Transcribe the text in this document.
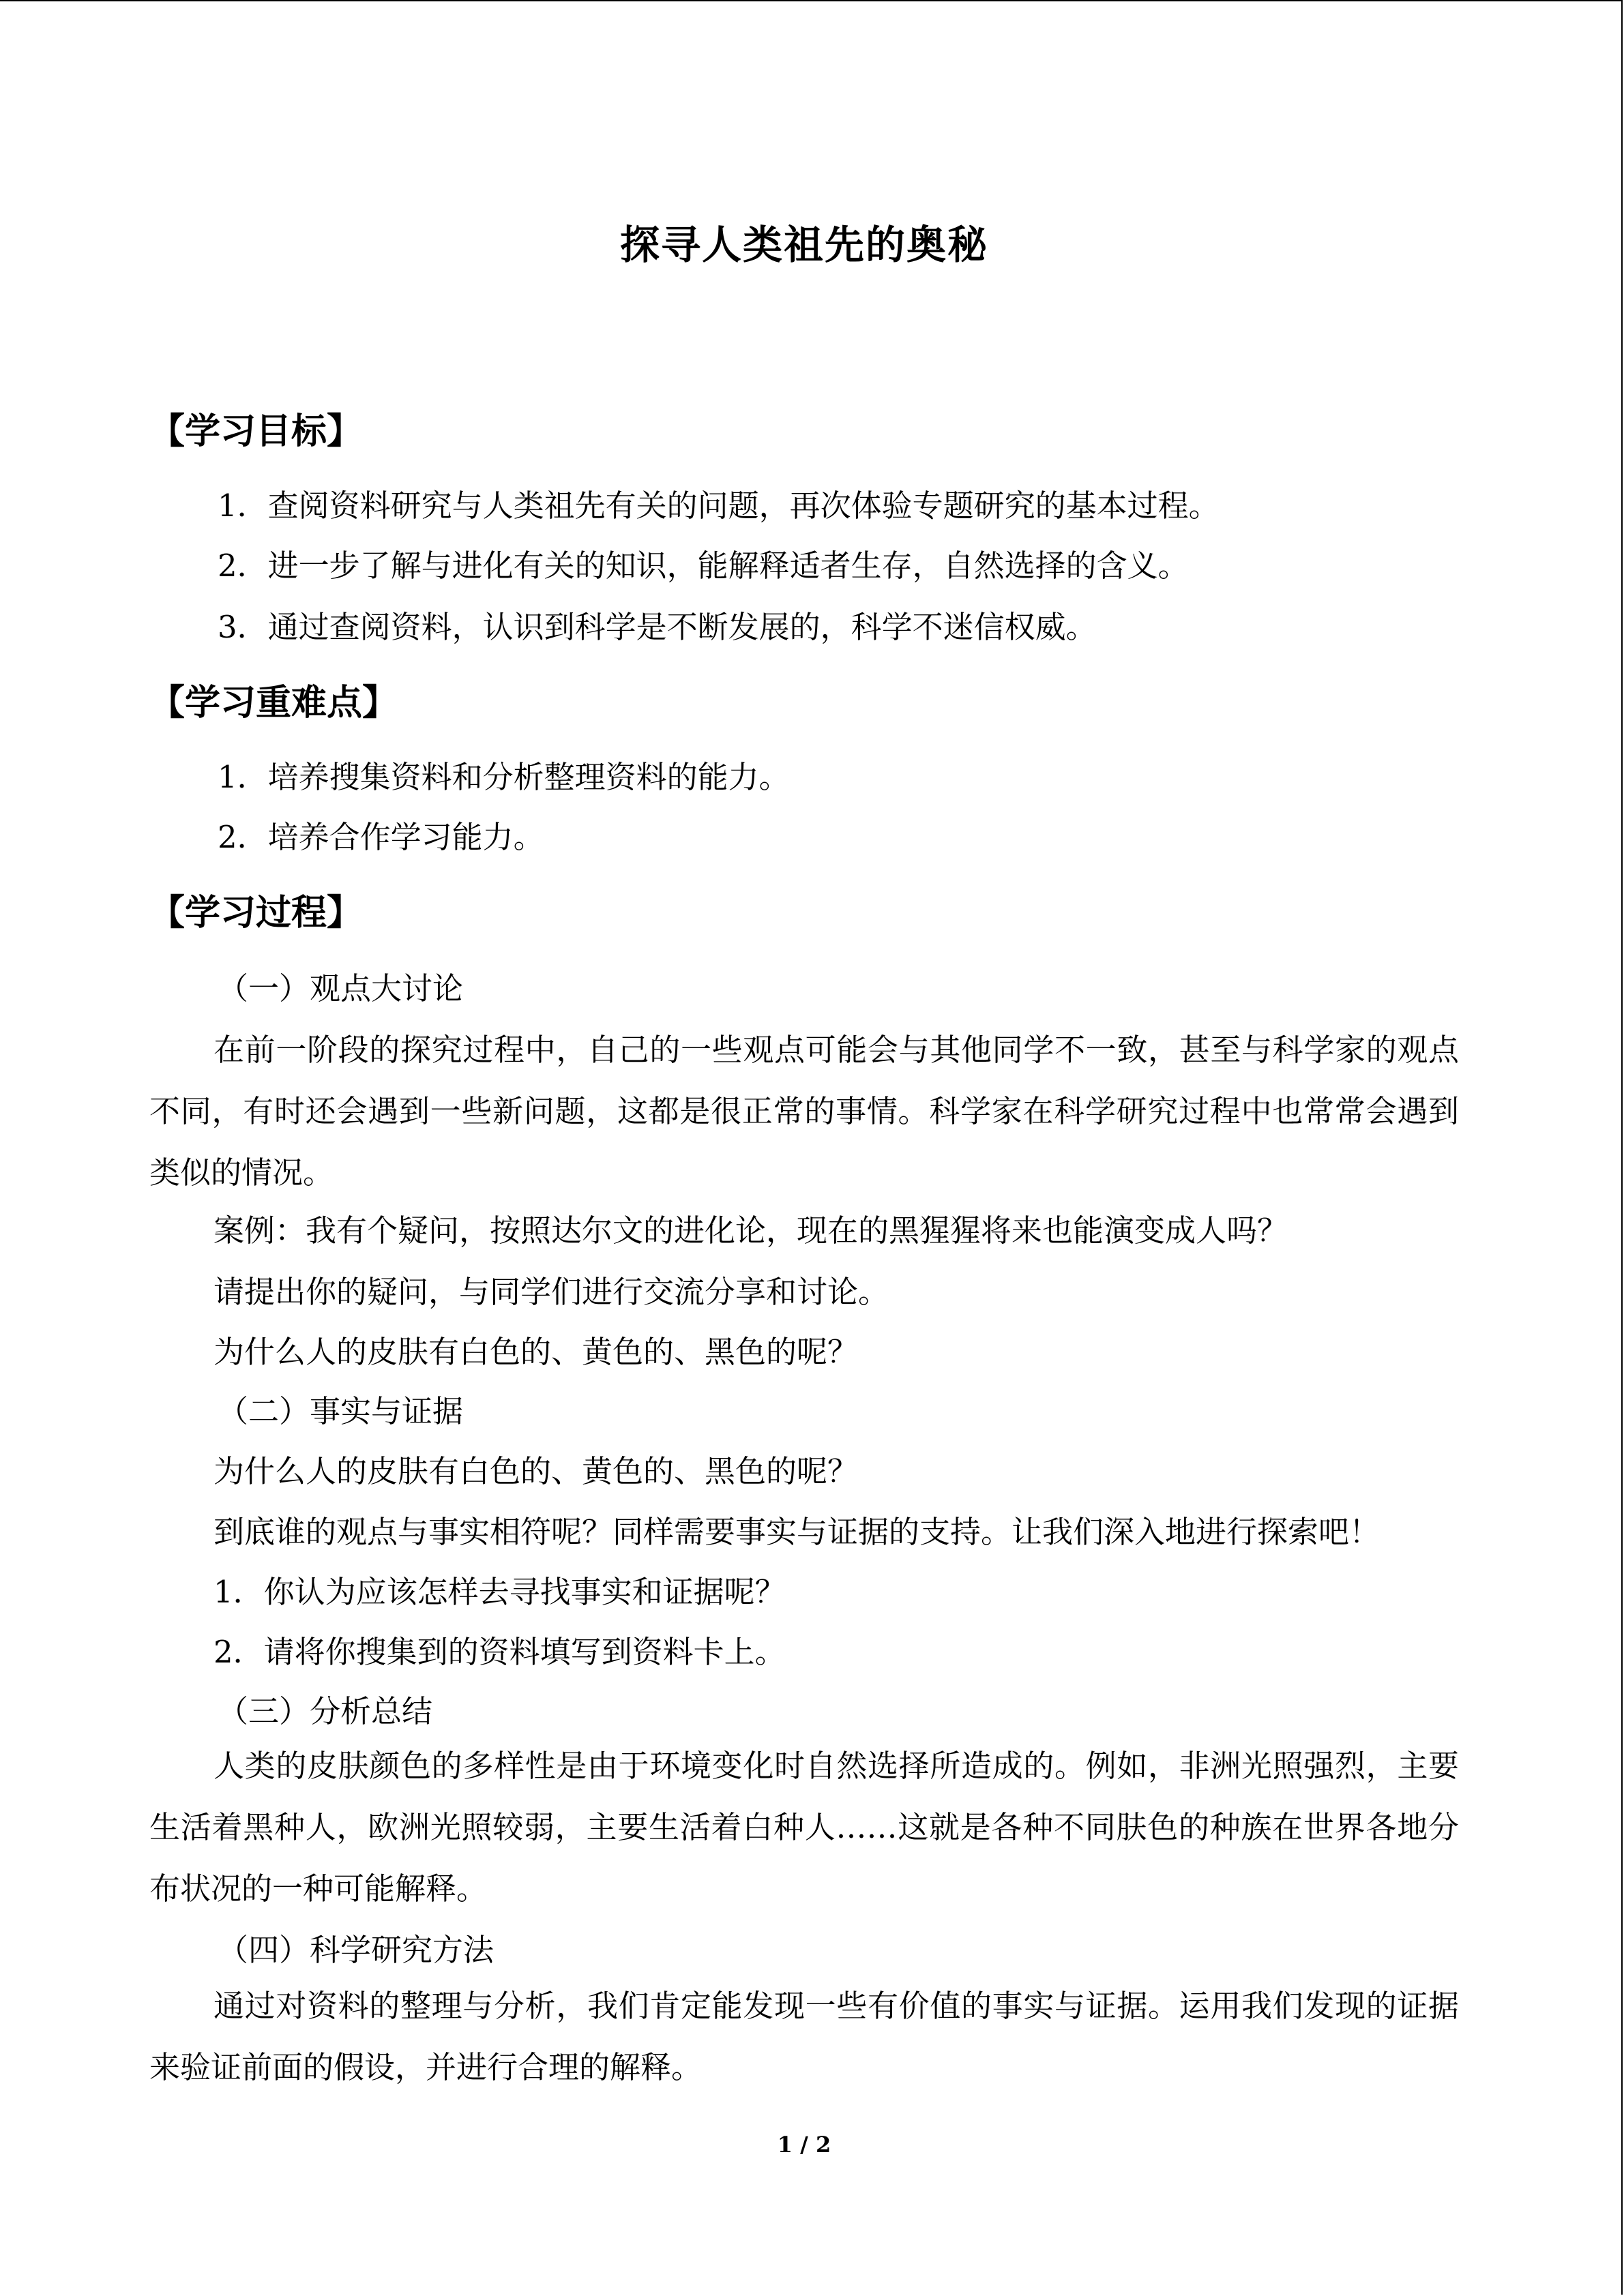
探寻人类祖先的奥秘
【学习目标】
1．查阅资料研究与人类祖先有关的问题，再次体验专题研究的基本过程。
2．进一步了解与进化有关的知识，能解释适者生存，自然选择的含义。
3．通过查阅资料，认识到科学是不断发展的，科学不迷信权威。
【学习重难点】
1．培养搜集资料和分析整理资料的能力。
2．培养合作学习能力。
【学习过程】
（一）观点大讨论
在前一阶段的探究过程中，自己的一些观点可能会与其他同学不一致，甚至与科学家的观点不同，有时还会遇到一些新问题，这都是很正常的事情。科学家在科学研究过程中也常常会遇到类似的情况。
案例：我有个疑问，按照达尔文的进化论，现在的黑猩猩将来也能演变成人吗？
请提出你的疑问，与同学们进行交流分享和讨论。
为什么人的皮肤有白色的、黄色的、黑色的呢？
（二）事实与证据
为什么人的皮肤有白色的、黄色的、黑色的呢？
到底谁的观点与事实相符呢？同样需要事实与证据的支持。让我们深入地进行探索吧！
1．你认为应该怎样去寻找事实和证据呢？
2．请将你搜集到的资料填写到资料卡上。
（三）分析总结
人类的皮肤颜色的多样性是由于环境变化时自然选择所造成的。例如，非洲光照强烈，主要生活着黑种人，欧洲光照较弱，主要生活着白种人……这就是各种不同肤色的种族在世界各地分布状况的一种可能解释。
（四）科学研究方法
通过对资料的整理与分析，我们肯定能发现一些有价值的事实与证据。运用我们发现的证据来验证前面的假设，并进行合理的解释。
1 / 2
